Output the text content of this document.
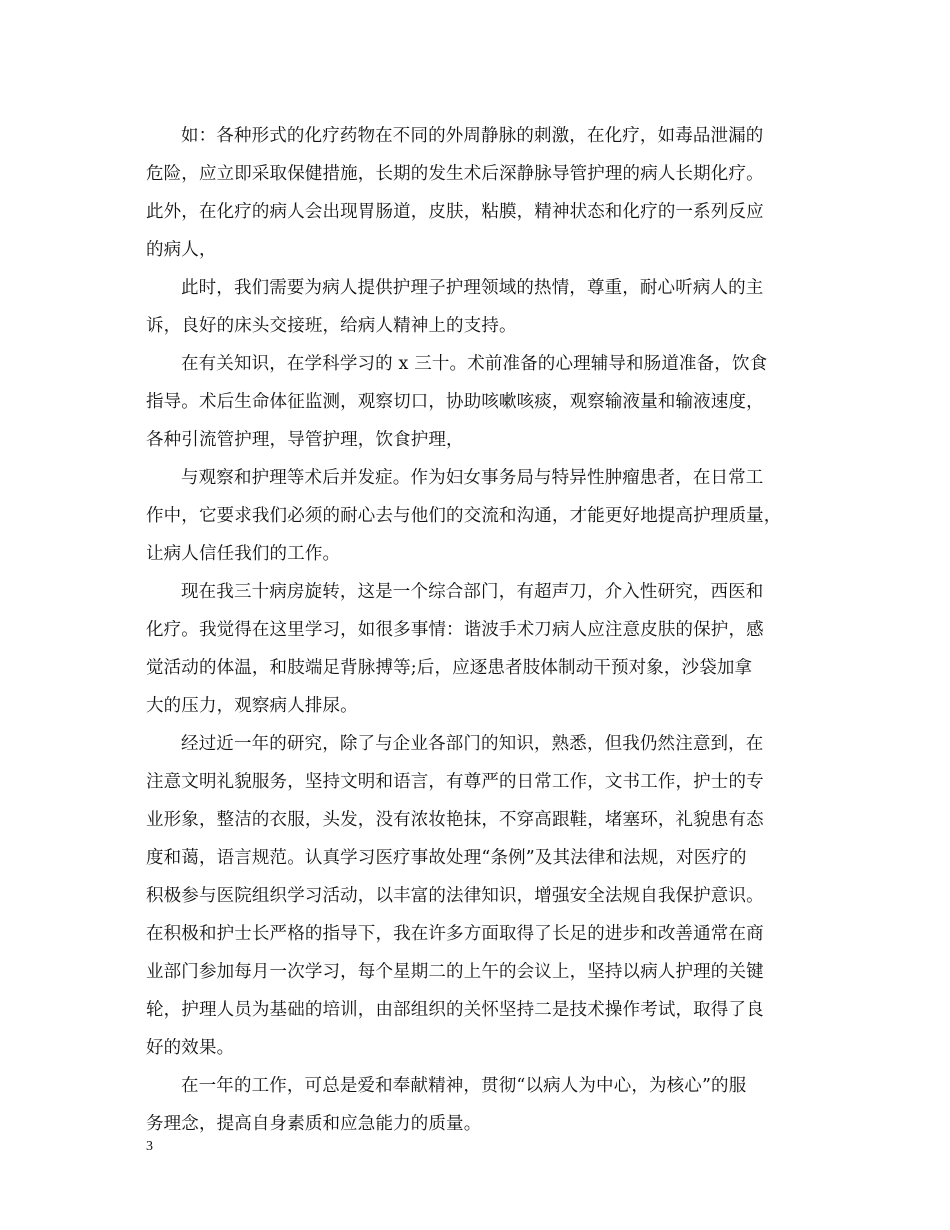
如：各种形式的化疗药物在不同的外周静脉的刺激，在化疗，如毒品泄漏的
危险，应立即采取保健措施，长期的发生术后深静脉导管护理的病人长期化疗。
此外，在化疗的病人会出现胃肠道，皮肤，粘膜，精神状态和化疗的一系列反应
的病人，

此时，我们需要为病人提供护理子护理领域的热情，尊重，耐心听病人的主
诉，良好的床头交接班，给病人精神上的支持。

在有关知识，在学科学习的 x 三十。术前准备的心理辅导和肠道准备，饮食
指导。术后生命体征监测，观察切口，协助咳嗽咳痰，观察输液量和输液速度，
各种引流管护理，导管护理，饮食护理，

与观察和护理等术后并发症。作为妇女事务局与特异性肿瘤患者，在日常工
作中，它要求我们必须的耐心去与他们的交流和沟通，才能更好地提高护理质量，
让病人信任我们的工作。

现在我三十病房旋转，这是一个综合部门，有超声刀，介入性研究，西医和
化疗。我觉得在这里学习，如很多事情：谐波手术刀病人应注意皮肤的保护，感
觉活动的体温，和肢端足背脉搏等;后，应逐患者肢体制动干预对象，沙袋加拿
大的压力，观察病人排尿。

经过近一年的研究，除了与企业各部门的知识，熟悉，但我仍然注意到，在
注意文明礼貌服务，坚持文明和语言，有尊严的日常工作，文书工作，护士的专
业形象，整洁的衣服，头发，没有浓妆艳抹，不穿高跟鞋，堵塞环，礼貌患有态
度和蔼，语言规范。认真学习医疗事故处理“条例”及其法律和法规，对医疗的
积极参与医院组织学习活动，以丰富的法律知识，增强安全法规自我保护意识。
在积极和护士长严格的指导下，我在许多方面取得了长足的进步和改善通常在商
业部门参加每月一次学习，每个星期二的上午的会议上，坚持以病人护理的关键
轮，护理人员为基础的培训，由部组织的关怀坚持二是技术操作考试，取得了良
好的效果。

在一年的工作，可总是爱和奉献精神，贯彻“以病人为中心，为核心”的服
务理念，提高自身素质和应急能力的质量。

3
